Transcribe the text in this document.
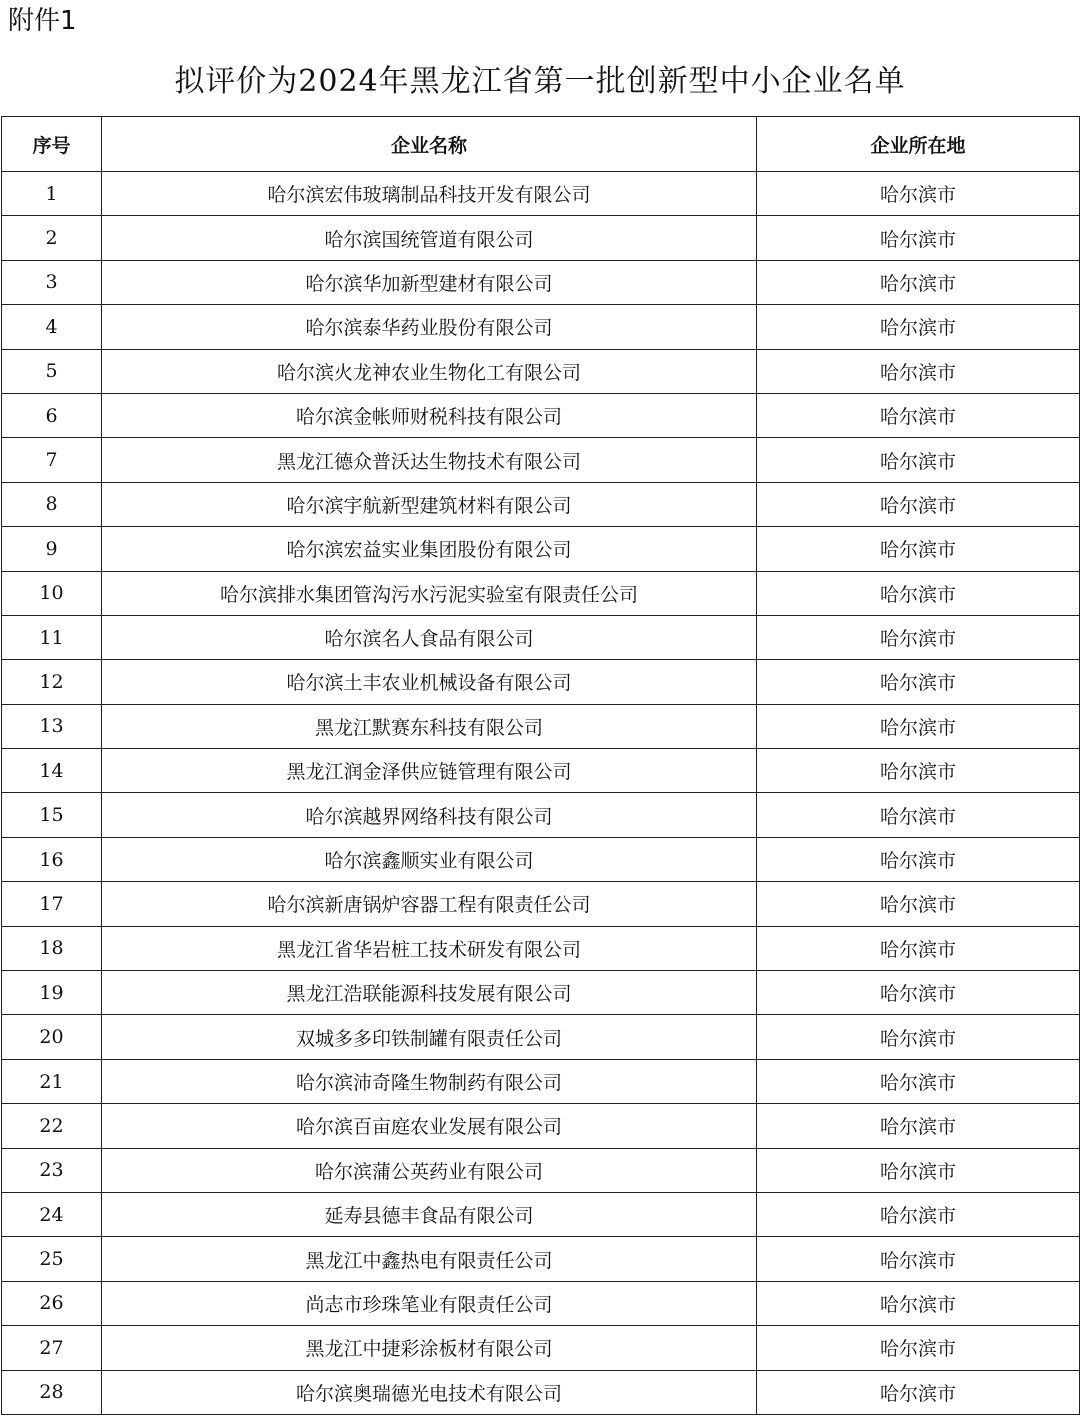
附件1
拟评价为2024年黑龙江省第一批创新型中小企业名单
序号	企业名称	企业所在地
1	哈尔滨宏伟玻璃制品科技开发有限公司	哈尔滨市
2	哈尔滨国统管道有限公司	哈尔滨市
3	哈尔滨华加新型建材有限公司	哈尔滨市
4	哈尔滨泰华药业股份有限公司	哈尔滨市
5	哈尔滨火龙神农业生物化工有限公司	哈尔滨市
6	哈尔滨金帐师财税科技有限公司	哈尔滨市
7	黑龙江德众普沃达生物技术有限公司	哈尔滨市
8	哈尔滨宇航新型建筑材料有限公司	哈尔滨市
9	哈尔滨宏益实业集团股份有限公司	哈尔滨市
10	哈尔滨排水集团管沟污水污泥实验室有限责任公司	哈尔滨市
11	哈尔滨名人食品有限公司	哈尔滨市
12	哈尔滨土丰农业机械设备有限公司	哈尔滨市
13	黑龙江默赛东科技有限公司	哈尔滨市
14	黑龙江润金泽供应链管理有限公司	哈尔滨市
15	哈尔滨越界网络科技有限公司	哈尔滨市
16	哈尔滨鑫顺实业有限公司	哈尔滨市
17	哈尔滨新唐锅炉容器工程有限责任公司	哈尔滨市
18	黑龙江省华岩桩工技术研发有限公司	哈尔滨市
19	黑龙江浩联能源科技发展有限公司	哈尔滨市
20	双城多多印铁制罐有限责任公司	哈尔滨市
21	哈尔滨沛奇隆生物制药有限公司	哈尔滨市
22	哈尔滨百亩庭农业发展有限公司	哈尔滨市
23	哈尔滨蒲公英药业有限公司	哈尔滨市
24	延寿县德丰食品有限公司	哈尔滨市
25	黑龙江中鑫热电有限责任公司	哈尔滨市
26	尚志市珍珠笔业有限责任公司	哈尔滨市
27	黑龙江中捷彩涂板材有限公司	哈尔滨市
28	哈尔滨奥瑞德光电技术有限公司	哈尔滨市
